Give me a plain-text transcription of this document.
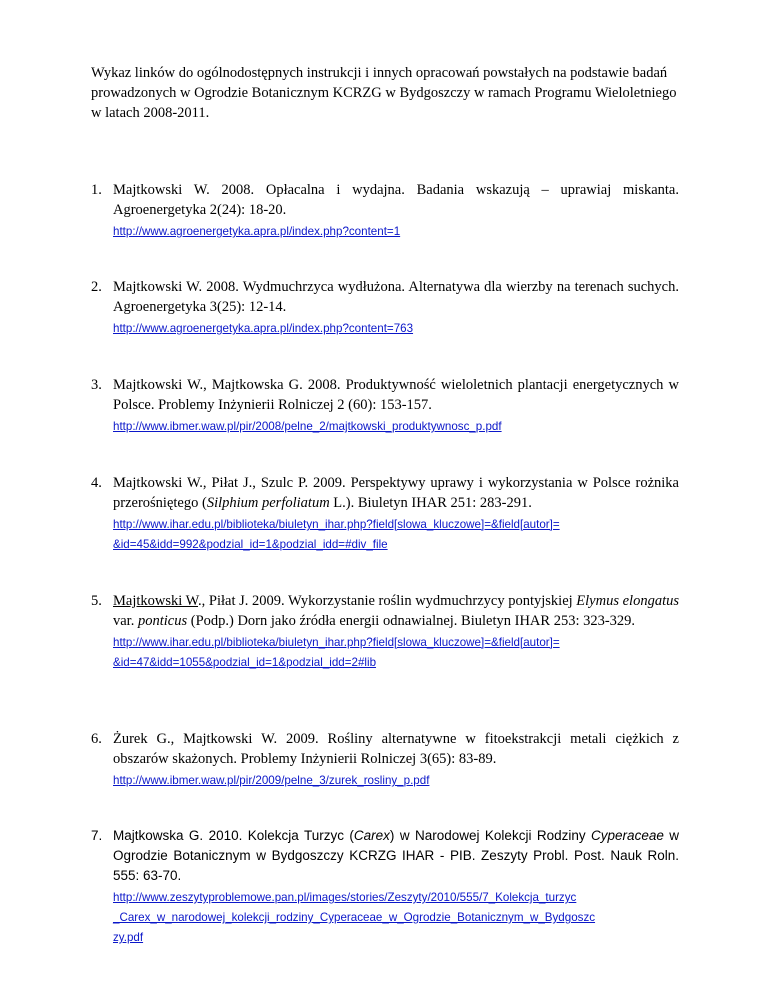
Wykaz linków do ogólnodostępnych instrukcji i innych opracowań powstałych na podstawie badań prowadzonych w Ogrodzie Botanicznym KCRZG w Bydgoszczy w ramach Programu Wieloletniego w latach 2008-2011.

1. Majtkowski W. 2008. Opłacalna i wydajna. Badania wskazują – uprawiaj miskanta. Agroenergetyka 2(24): 18-20.

http://www.agroenergetyka.apra.pl/index.php?content=1
2. Majtkowski W. 2008. Wydmuchrzyca wydłużona. Alternatywa dla wierzby na terenach suchych. Agroenergetyka 3(25): 12-14.

http://www.agroenergetyka.apra.pl/index.php?content=763
3. Majtkowski W., Majtkowska G. 2008. Produktywność wieloletnich plantacji energetycznych w Polsce. Problemy Inżynierii Rolniczej 2 (60): 153-157.

http://www.ibmer.waw.pl/pir/2008/pelne_2/majtkowski_produktywnosc_p.pdf
4. Majtkowski W., Piłat J., Szulc P. 2009. Perspektywy uprawy i wykorzystania w Polsce rożnika przerośniętego (Silphium perfoliatum L.). Biuletyn IHAR 251: 283-291.

http://www.ihar.edu.pl/biblioteka/biuletyn_ihar.php?field[slowa_kluczowe]=&field[autor]=
&id=45&idd=992&podzial_id=1&podzial_idd=#div_file
5. Majtkowski W., Piłat J. 2009. Wykorzystanie roślin wydmuchrzycy pontyjskiej Elymus elongatus var. ponticus (Podp.) Dorn jako źródła energii odnawialnej. Biuletyn IHAR 253: 323-329.

http://www.ihar.edu.pl/biblioteka/biuletyn_ihar.php?field[slowa_kluczowe]=&field[autor]=
&id=47&idd=1055&podzial_id=1&podzial_idd=2#lib
6. Żurek G., Majtkowski W. 2009. Rośliny alternatywne w fitoekstrakcji metali ciężkich z obszarów skażonych. Problemy Inżynierii Rolniczej 3(65): 83-89.

http://www.ibmer.waw.pl/pir/2009/pelne_3/zurek_rosliny_p.pdf
7. Majtkowska G. 2010. Kolekcja Turzyc (Carex) w Narodowej Kolekcji Rodziny Cyperaceae w Ogrodzie Botanicznym w Bydgoszczy KCRZG IHAR - PIB. Zeszyty Probl. Post. Nauk Roln. 555: 63-70.

http://www.zeszytyproblemowe.pan.pl/images/stories/Zeszyty/2010/555/7_Kolekcja_turzyc
_Carex_w_narodowej_kolekcji_rodziny_Cyperaceae_w_Ogrodzie_Botanicznym_w_Bydgoszc
zy.pdf
